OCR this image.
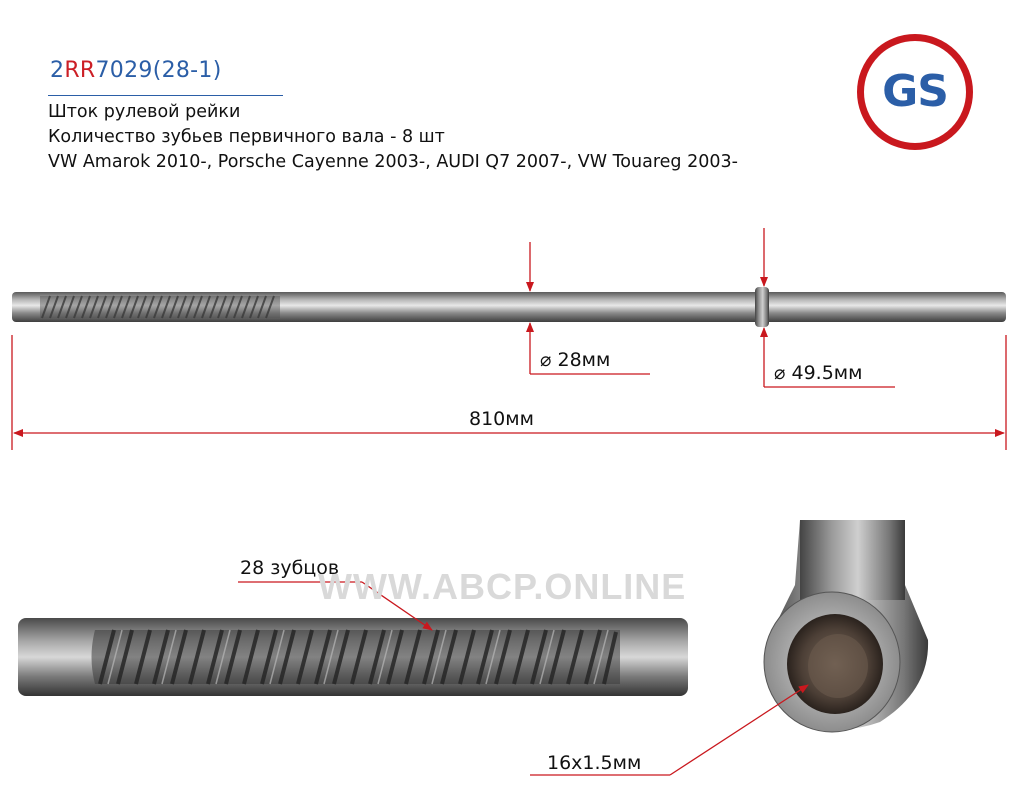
2RR7029(28-1)
Шток рулевой рейки
Количество зубьев первичного вала - 8 шт
VW Amarok 2010-, Porsche Cayenne 2003-, AUDI Q7 2007-, VW Touareg 2003-
GS
⌀ 28мм
⌀ 49.5мм
810мм
28 зубцов
16x1.5мм
WWW.ABCP.ONLINE
